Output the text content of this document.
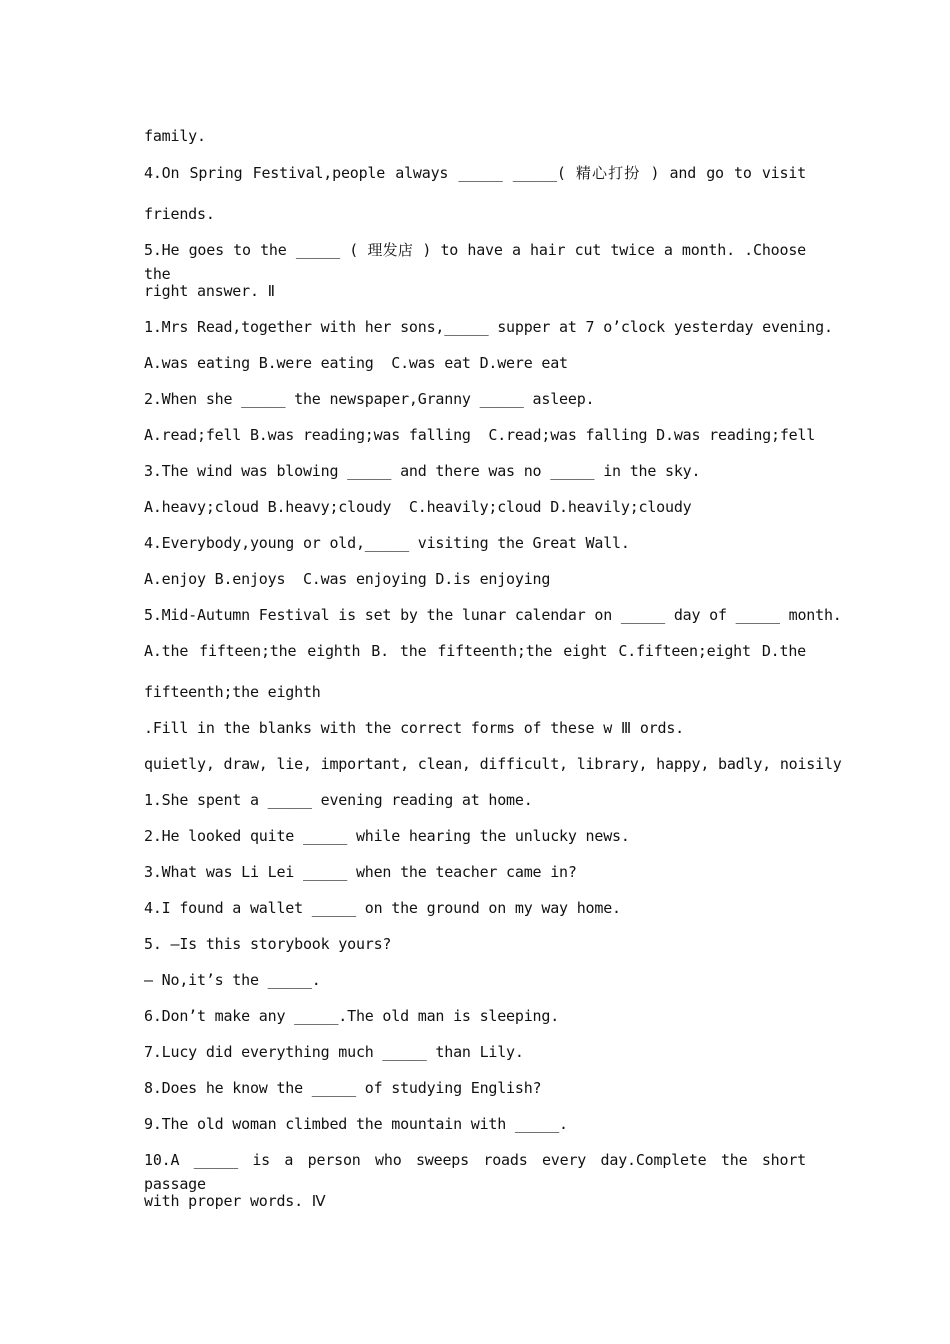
family.

4.On Spring Festival,people always _____ _____( 精心打扮 ) and go to visit

friends.

5.He goes to the _____ ( 理发店 ) to have a hair cut twice a month. .Choose the

right answer. Ⅱ

1.Mrs Read,together with her sons,_____ supper at 7 o’clock yesterday evening.

A.was eating B.were eating  C.was eat D.were eat

2.When she _____ the newspaper,Granny _____ asleep.

A.read;fell B.was reading;was falling  C.read;was falling D.was reading;fell

3.The wind was blowing _____ and there was no _____ in the sky.

A.heavy;cloud B.heavy;cloudy  C.heavily;cloud D.heavily;cloudy

4.Everybody,young or old,_____ visiting the Great Wall.

A.enjoy B.enjoys  C.was enjoying D.is enjoying

5.Mid-Autumn Festival is set by the lunar calendar on _____ day of _____ month.

A.the fifteen;the eighth B. the fifteenth;the eight C.fifteen;eight D.the

fifteenth;the eighth

.Fill in the blanks with the correct forms of these w Ⅲ ords.

quietly, draw, lie, important, clean, difficult, library, happy, badly, noisily

1.She spent a _____ evening reading at home.

2.He looked quite _____ while hearing the unlucky news.

3.What was Li Lei _____ when the teacher came in?

4.I found a wallet _____ on the ground on my way home.

5. —Is this storybook yours?

— No,it’s the _____.

6.Don’t make any _____.The old man is sleeping.

7.Lucy did everything much _____ than Lily.

8.Does he know the _____ of studying English?

9.The old woman climbed the mountain with _____.

10.A _____ is a person who sweeps roads every day.Complete the short passage

with proper words. Ⅳ
